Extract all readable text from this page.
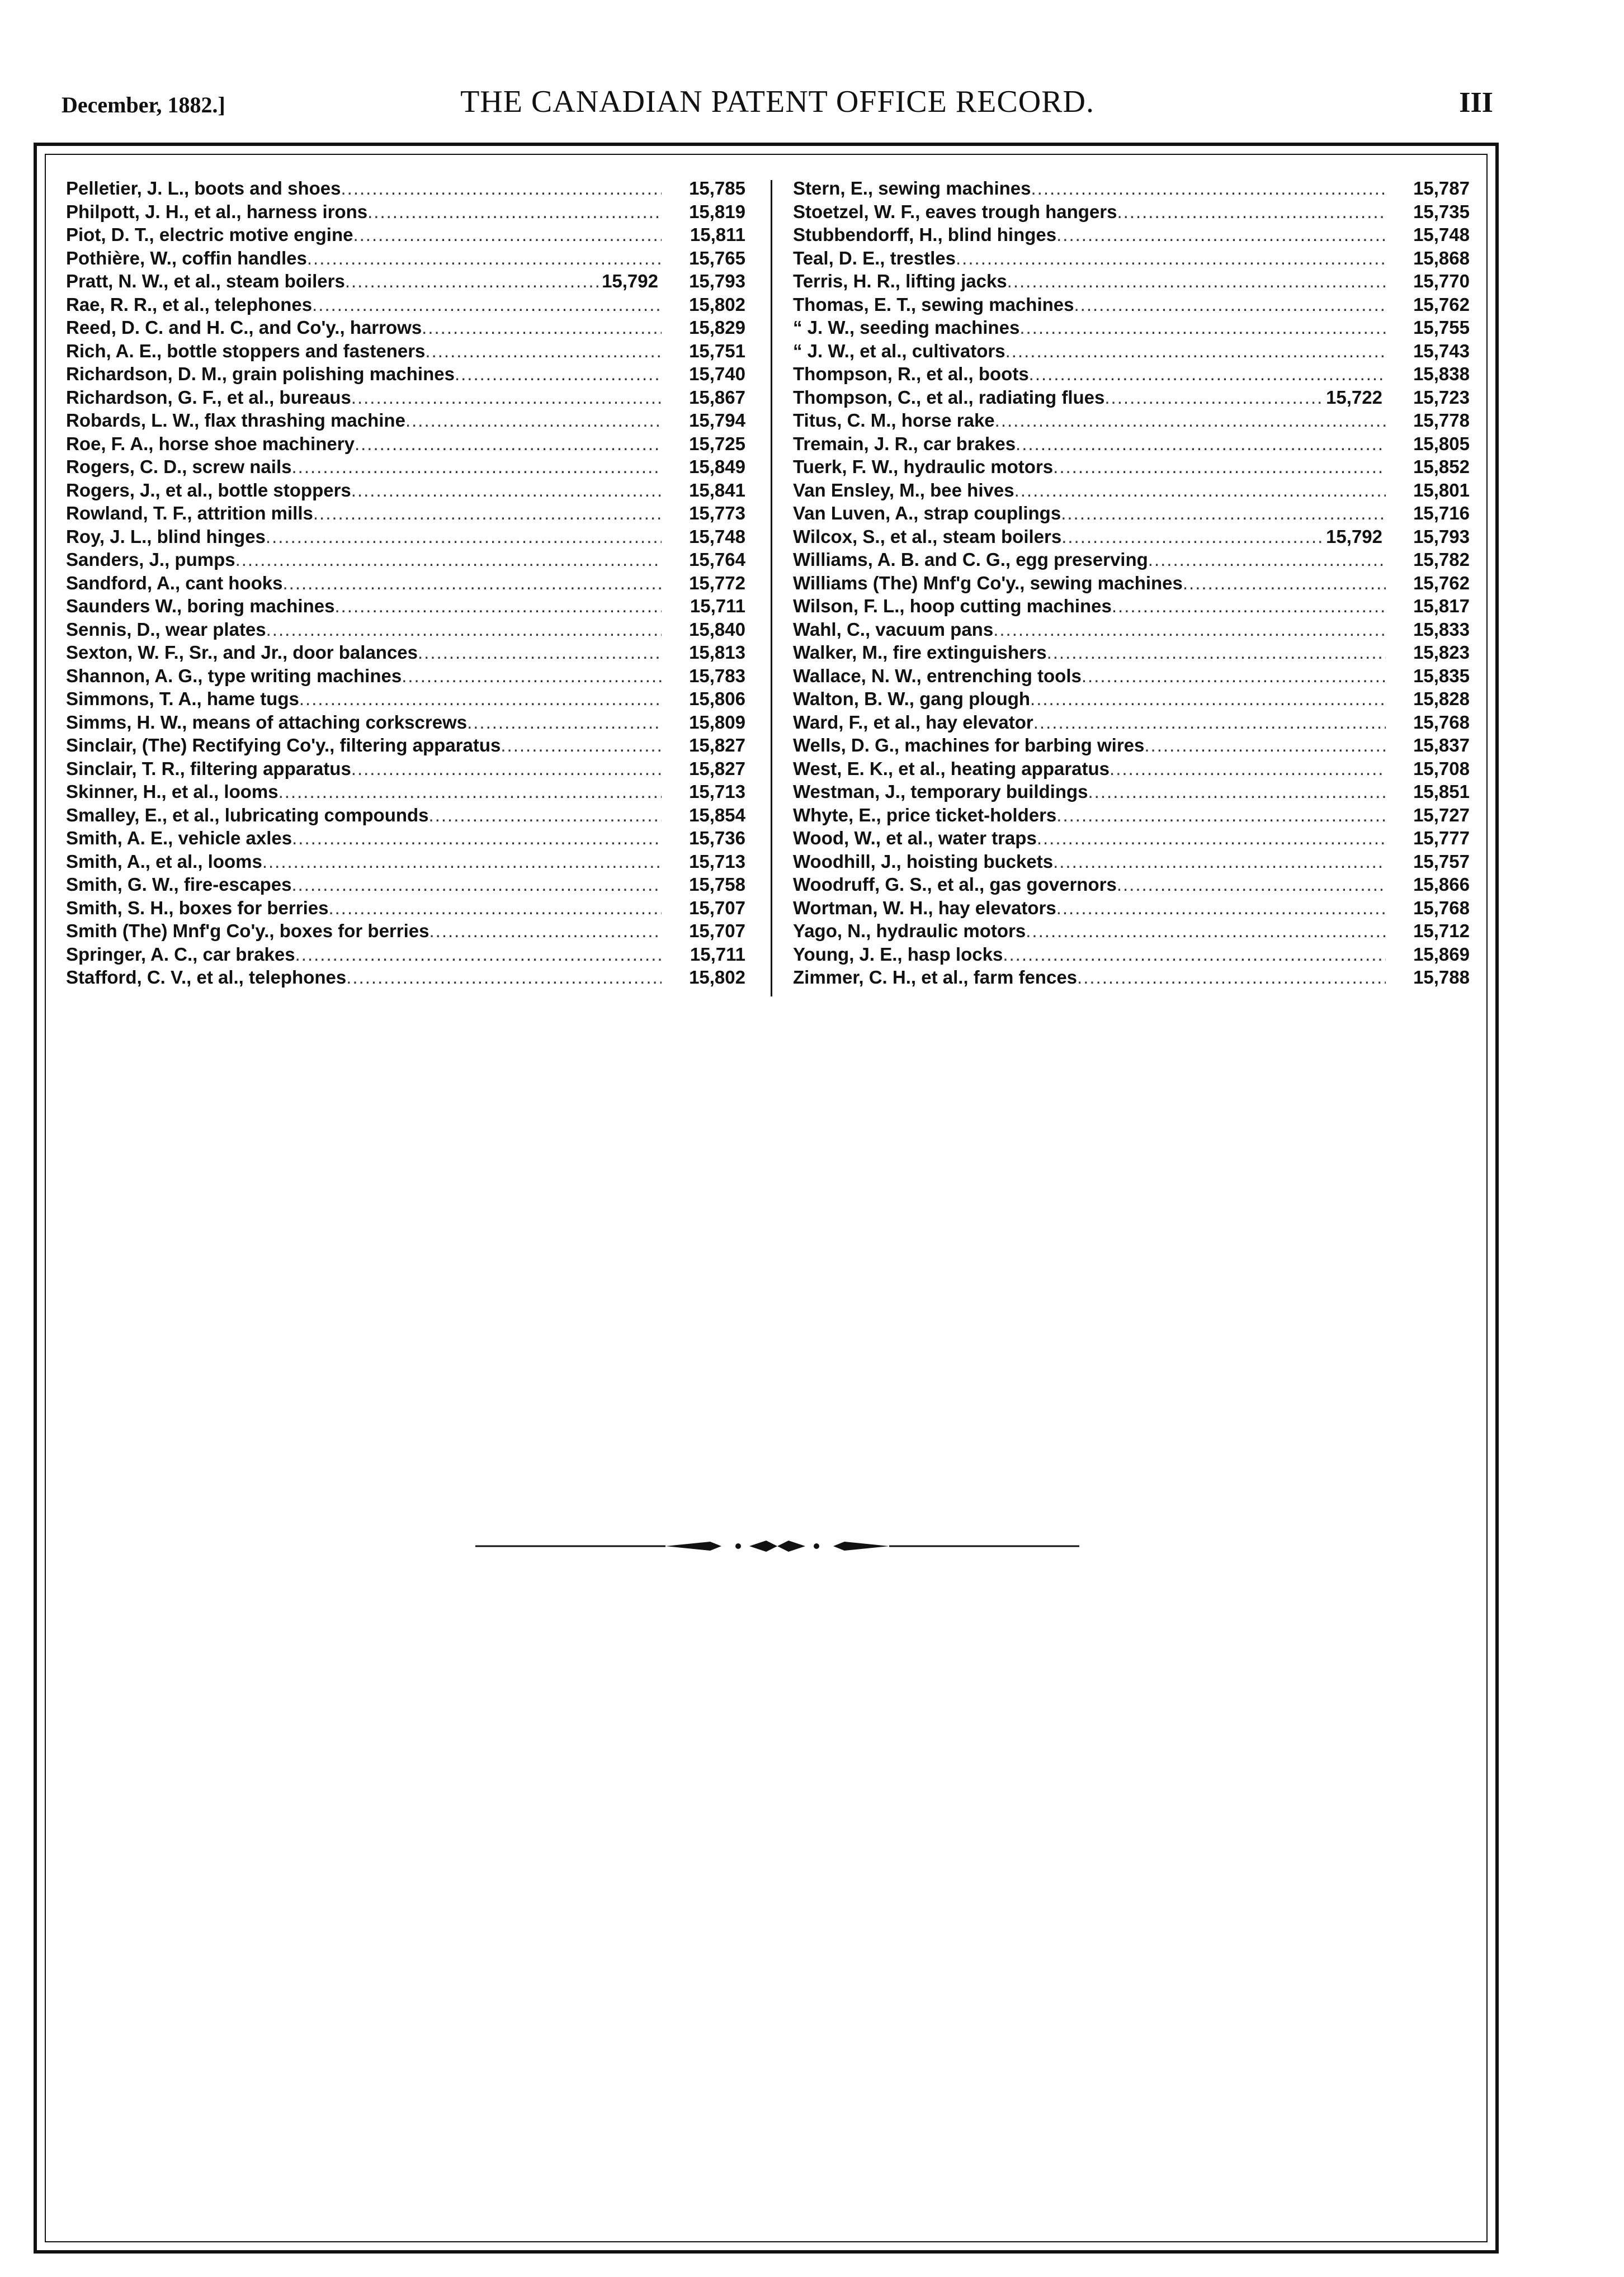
December, 1882.]	THE CANADIAN PATENT OFFICE RECORD.	III
Pelletier, J. L., boots and shoes .....	15,785
Philpott, J. H., et al., harness irons .....	15,819
Piot, D. T., electric motive engine .....	15,811
Pothière, W., coffin handles .....	15,765
Pratt, N. W., et al., steam boilers .....	15,792	15,793
Rae, R. R., et al., telephones .....	15,802
Reed, D. C. and H. C., and Co'y., harrows .....	15,829
Rich, A. E., bottle stoppers and fasteners .....	15,751
Richardson, D. M., grain polishing machines .....	15,740
Richardson, G. F., et al., bureaus .....	15,867
Robards, L. W., flax thrashing machine .....	15,794
Roe, F. A., horse shoe machinery .....	15,725
Rogers, C. D., screw nails .....	15,849
Rogers, J., et al., bottle stoppers .....	15,841
Rowland, T. F., attrition mills .....	15,773
Roy, J. L., blind hinges .....	15,748
Sanders, J., pumps .....	15,764
Sandford, A., cant hooks .....	15,772
Saunders W., boring machines .....	15,711
Sennis, D., wear plates .....	15,840
Sexton, W. F., Sr., and Jr., door balances .....	15,813
Shannon, A. G., type writing machines .....	15,783
Simmons, T. A., hame tugs .....	15,806
Simms, H. W., means of attaching corkscrews .....	15,809
Sinclair, (The) Rectifying Co'y., filtering apparatus .....	15,827
Sinclair, T. R., filtering apparatus .....	15,827
Skinner, H., et al., looms .....	15,713
Smalley, E., et al., lubricating compounds .....	15,854
Smith, A. E., vehicle axles .....	15,736
Smith, A., et al., looms .....	15,713
Smith, G. W., fire-escapes .....	15,758
Smith, S. H., boxes for berries .....	15,707
Smith (The) Mnf'g Co'y., boxes for berries .....	15,707
Springer, A. C., car brakes .....	15,711
Stafford, C. V., et al., telephones .....	15,802
Stern, E., sewing machines .....	15,787
Stoetzel, W. F., eaves trough hangers .....	15,735
Stubbendorff, H., blind hinges .....	15,748
Teal, D. E., trestles .....	15,868
Terris, H. R., lifting jacks .....	15,770
Thomas, E. T., sewing machines .....	15,762
“ J. W., seeding machines .....	15,755
“ J. W., et al., cultivators .....	15,743
Thompson, R., et al., boots .....	15,838
Thompson, C., et al., radiating flues .....	15,722	15,723
Titus, C. M., horse rake .....	15,778
Tremain, J. R., car brakes .....	15,805
Tuerk, F. W., hydraulic motors .....	15,852
Van Ensley, M., bee hives .....	15,801
Van Luven, A., strap couplings .....	15,716
Wilcox, S., et al., steam boilers .....	15,792	15,793
Williams, A. B. and C. G., egg preserving .....	15,782
Williams (The) Mnf'g Co'y., sewing machines .....	15,762
Wilson, F. L., hoop cutting machines .....	15,817
Wahl, C., vacuum pans .....	15,833
Walker, M., fire extinguishers .....	15,823
Wallace, N. W., entrenching tools .....	15,835
Walton, B. W., gang plough .....	15,828
Ward, F., et al., hay elevator .....	15,768
Wells, D. G., machines for barbing wires .....	15,837
West, E. K., et al., heating apparatus .....	15,708
Westman, J., temporary buildings .....	15,851
Whyte, E., price ticket-holders .....	15,727
Wood, W., et al., water traps .....	15,777
Woodhill, J., hoisting buckets .....	15,757
Woodruff, G. S., et al., gas governors .....	15,866
Wortman, W. H., hay elevators .....	15,768
Yago, N., hydraulic motors .....	15,712
Young, J. E., hasp locks .....	15,869
Zimmer, C. H., et al., farm fences .....	15,788
